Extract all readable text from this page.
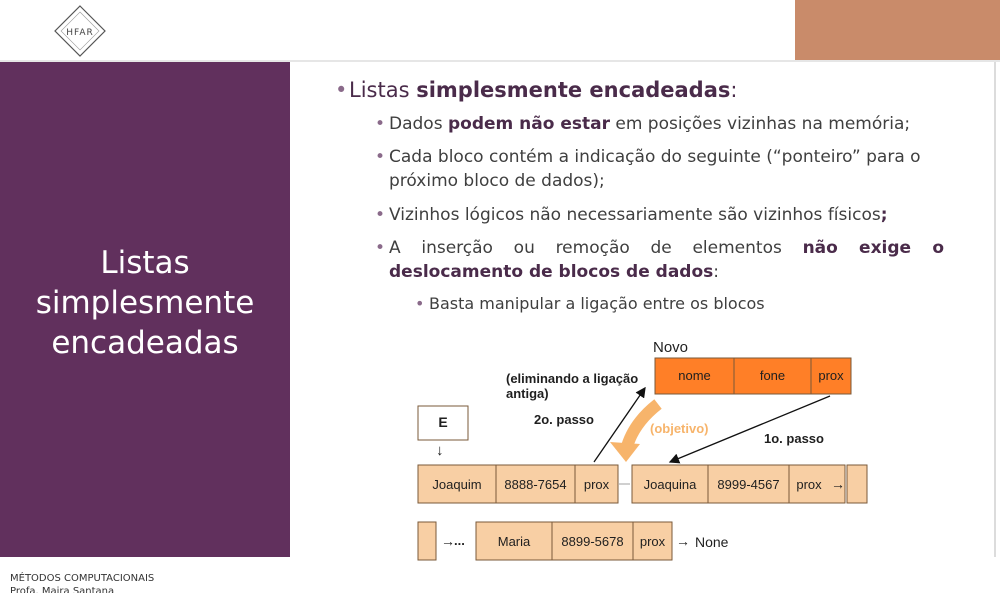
HFAR
Listas
simplesmente
encadeadas
•Listas simplesmente encadeadas:
• Dados podem não estar em posições vizinhas na memória;
• Cada bloco contém a indicação do seguinte (“ponteiro” para o
próximo bloco de dados);
• Vizinhos lógicos não necessariamente são vizinhos físicos;
• A inserção ou remoção de elementos não exige o
deslocamento de blocos de dados:
• Basta manipular a ligação entre os blocos
Novo
nome	fone	prox
(eliminando a ligação
antiga)
2o. passo
(objetivo)
1o. passo
E
↓
Joaquim	8888-7654	prox	Joaquina	8999-4567	prox →
→ ...	Maria	8899-5678	prox → None
MÉTODOS COMPUTACIONAIS
Profa. Maira Santana
